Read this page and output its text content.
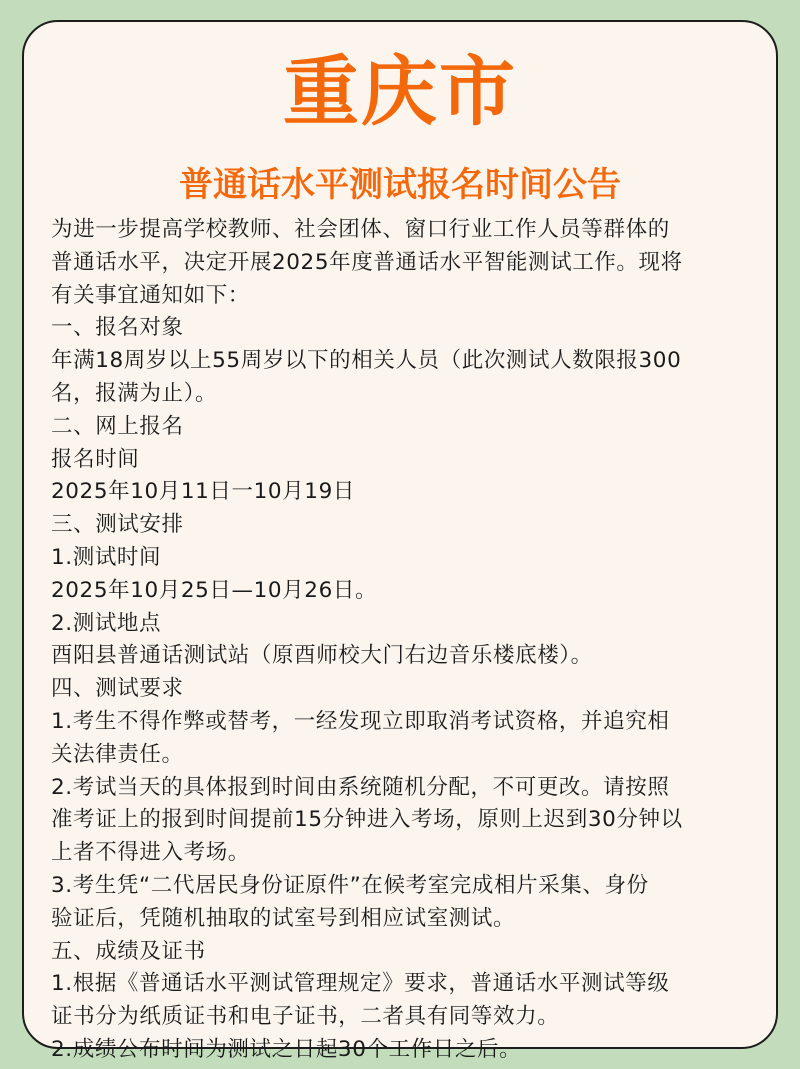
重庆市
普通话水平测试报名时间公告
为进一步提高学校教师、社会团体、窗口行业工作人员等群体的
普通话水平，决定开展2025年度普通话水平智能测试工作。现将
有关事宜通知如下：
一、报名对象
年满18周岁以上55周岁以下的相关人员（此次测试人数限报300
名，报满为止）。
二、网上报名
报名时间
2025年10月11日一10月19日
三、测试安排
1.测试时间
2025年10月25日—10月26日。
2.测试地点
酉阳县普通话测试站（原酉师校大门右边音乐楼底楼）。
四、测试要求
1.考生不得作弊或替考，一经发现立即取消考试资格，并追究相
关法律责任。
2.考试当天的具体报到时间由系统随机分配，不可更改。请按照
准考证上的报到时间提前15分钟进入考场，原则上迟到30分钟以
上者不得进入考场。
3.考生凭“二代居民身份证原件”在候考室完成相片采集、身份
验证后，凭随机抽取的试室号到相应试室测试。
五、成绩及证书
1.根据《普通话水平测试管理规定》要求，普通话水平测试等级
证书分为纸质证书和电子证书，二者具有同等效力。
2.成绩公布时间为测试之日起30个工作日之后。
